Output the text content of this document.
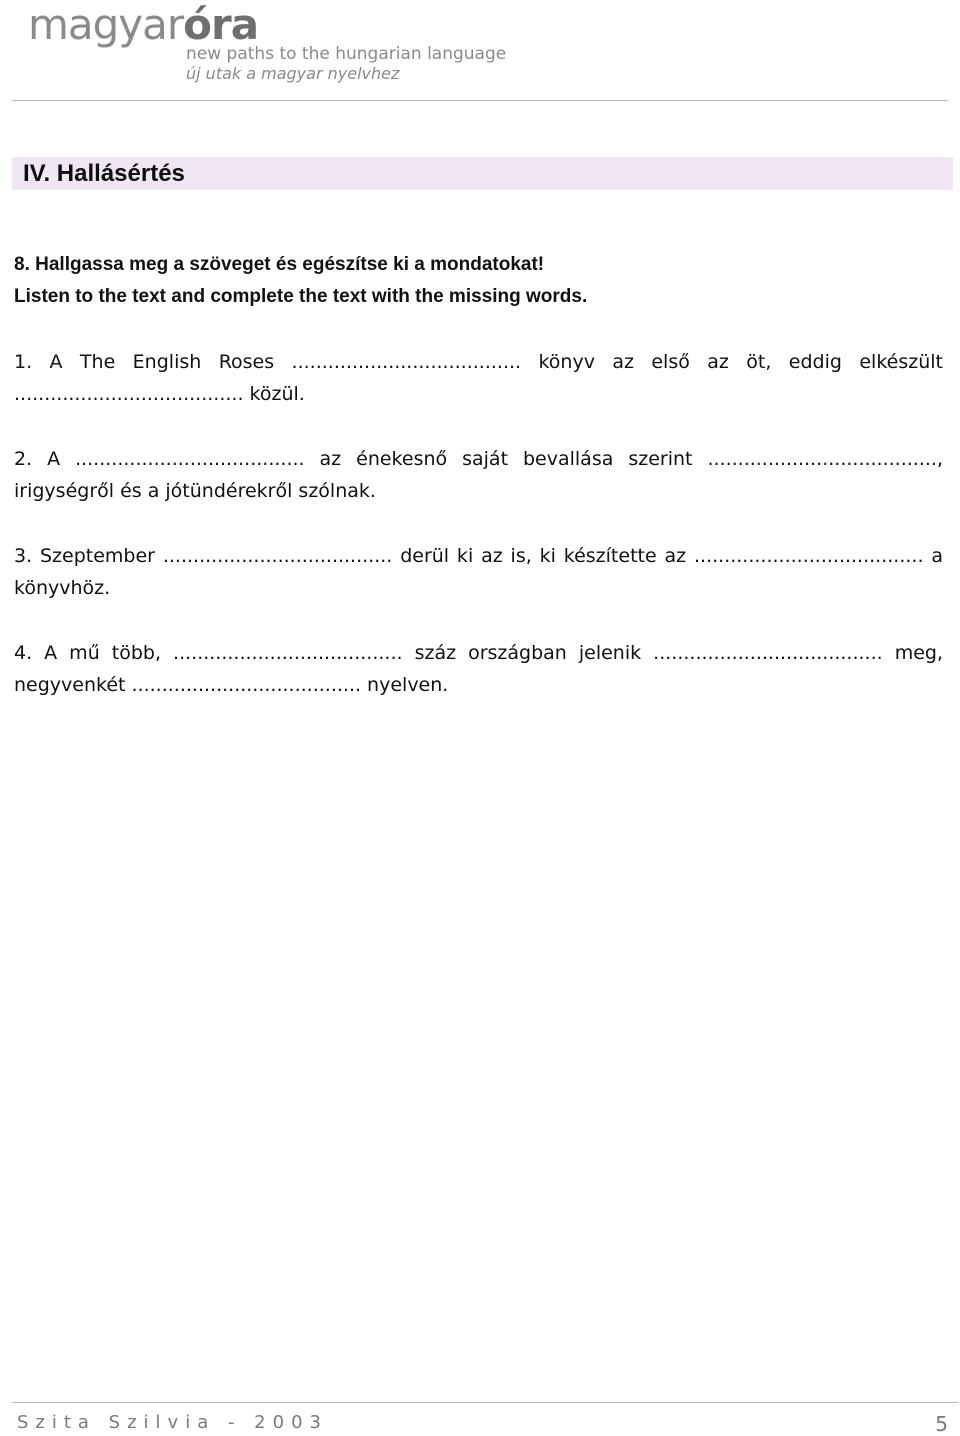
magyaróra
new paths to the hungarian language
új utak a magyar nyelvhez
IV. Hallásértés
8. Hallgassa meg a szöveget és egészítse ki a mondatokat!
Listen to the text and complete the text with the missing words.
1. A The English Roses ...................................... könyv az első az öt, eddig elkészült
...................................... közül.
2. A ...................................... az énekesnő saját bevallása szerint ......................................,
irigységről és a jótündérekről szólnak.
3. Szeptember ...................................... derül ki az is, ki készítette az ...................................... a
könyvhöz.
4. A mű több, ...................................... száz országban jelenik ...................................... meg,
negyvenkét ...................................... nyelven.
Szita Szilvia - 2003	5
